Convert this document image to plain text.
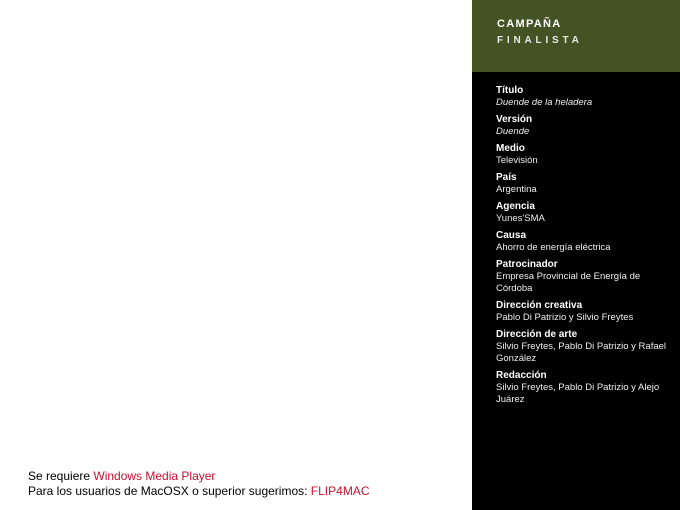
Se requiere Windows Media Player
Para los usuarios de MacOSX o superior sugerimos: FLIP4MAC
CAMPAÑA
FINALISTA
Título
Duende de la heladera
Versión
Duende
Medio
Televisión
País
Argentina
Agencia
Yunes'SMA
Causa
Ahorro de energía eléctrica
Patrocinador
Empresa Provincial de Energía de Córdoba
Dirección creativa
Pablo Di Patrizio y Silvio Freytes
Dirección de arte
Silvio Freytes, Pablo Di Patrizio y Rafael González
Redacción
Silvio Freytes, Pablo Di Patrizio y Alejo Juárez
